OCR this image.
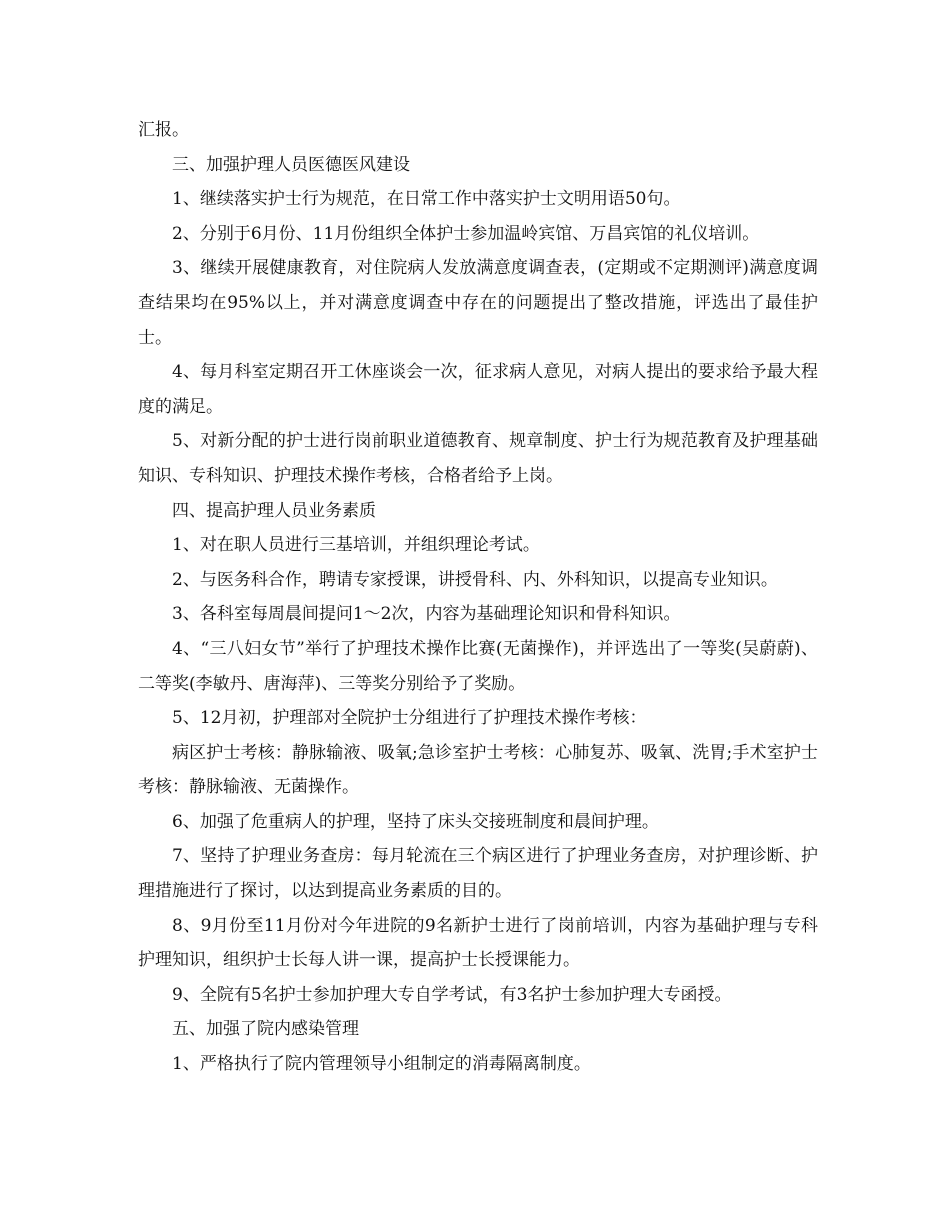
汇报。

三、加强护理人员医德医风建设

1、继续落实护士行为规范，在日常工作中落实护士文明用语50句。

2、分别于6月份、11月份组织全体护士参加温岭宾馆、万昌宾馆的礼仪培训。

3、继续开展健康教育，对住院病人发放满意度调查表，(定期或不定期测评)满意度调查结果均在95%以上，并对满意度调查中存在的问题提出了整改措施，评选出了最佳护士。

4、每月科室定期召开工休座谈会一次，征求病人意见，对病人提出的要求给予最大程度的满足。

5、对新分配的护士进行岗前职业道德教育、规章制度、护士行为规范教育及护理基础知识、专科知识、护理技术操作考核，合格者给予上岗。

四、提高护理人员业务素质

1、对在职人员进行三基培训，并组织理论考试。

2、与医务科合作，聘请专家授课，讲授骨科、内、外科知识，以提高专业知识。

3、各科室每周晨间提问1～2次，内容为基础理论知识和骨科知识。

4、“三八妇女节”举行了护理技术操作比赛(无菌操作)，并评选出了一等奖(吴蔚蔚)、二等奖(李敏丹、唐海萍)、三等奖分别给予了奖励。

5、12月初，护理部对全院护士分组进行了护理技术操作考核：

病区护士考核：静脉输液、吸氧;急诊室护士考核：心肺复苏、吸氧、洗胃;手术室护士考核：静脉输液、无菌操作。

6、加强了危重病人的护理，坚持了床头交接班制度和晨间护理。

7、坚持了护理业务查房：每月轮流在三个病区进行了护理业务查房，对护理诊断、护理措施进行了探讨，以达到提高业务素质的目的。

8、9月份至11月份对今年进院的9名新护士进行了岗前培训，内容为基础护理与专科护理知识，组织护士长每人讲一课，提高护士长授课能力。

9、全院有5名护士参加护理大专自学考试，有3名护士参加护理大专函授。

五、加强了院内感染管理

1、严格执行了院内管理领导小组制定的消毒隔离制度。
